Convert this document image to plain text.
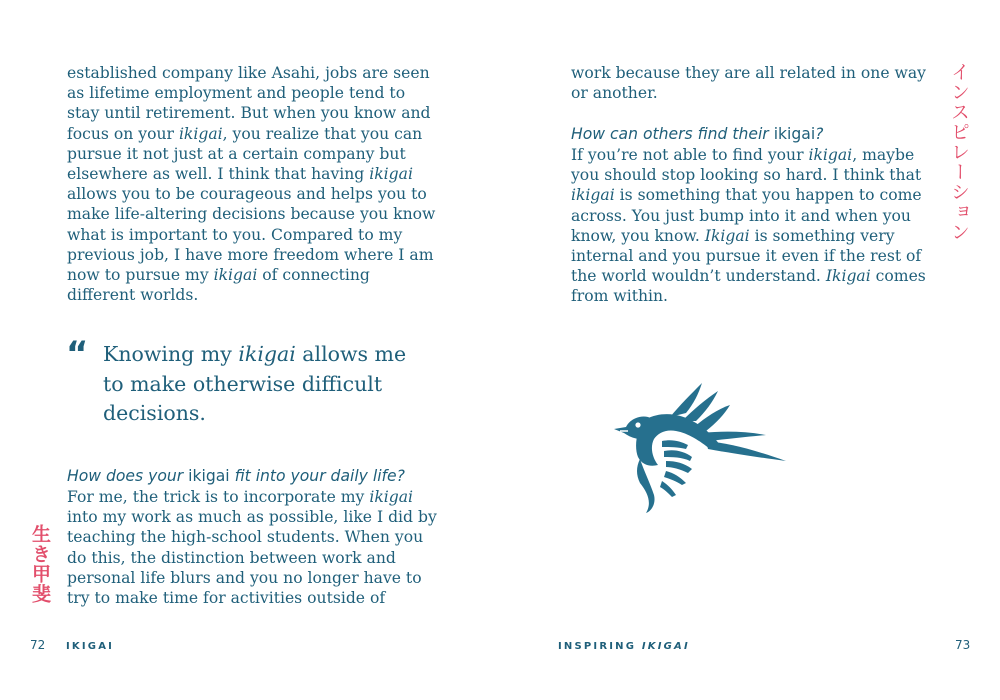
established company like Asahi, jobs are seen as lifetime employment and people tend to stay until retirement. But when you know and focus on your ikigai, you realize that you can pursue it not just at a certain company but elsewhere as well. I think that having ikigai allows you to be courageous and helps you to make life-altering decisions because you know what is important to you. Compared to my previous job, I have more freedom where I am now to pursue my ikigai of connecting different worlds.

“ Knowing my ikigai allows me to make otherwise difficult decisions.

How does your ikigai fit into your daily life?

For me, the trick is to incorporate my ikigai into my work as much as possible, like I did by teaching the high-school students. When you do this, the distinction between work and personal life blurs and you no longer have to try to make time for activities outside of

生き甲斐
72 IKIGAI

work because they are all related in one way or another.

How can others find their ikigai?

If you’re not able to find your ikigai, maybe you should stop looking so hard. I think that ikigai is something that you happen to come across. You just bump into it and when you know, you know. Ikigai is something very internal and you pursue it even if the rest of the world wouldn’t understand. Ikigai comes from within.

インスピレーション
INSPIRING IKIGAI	73
